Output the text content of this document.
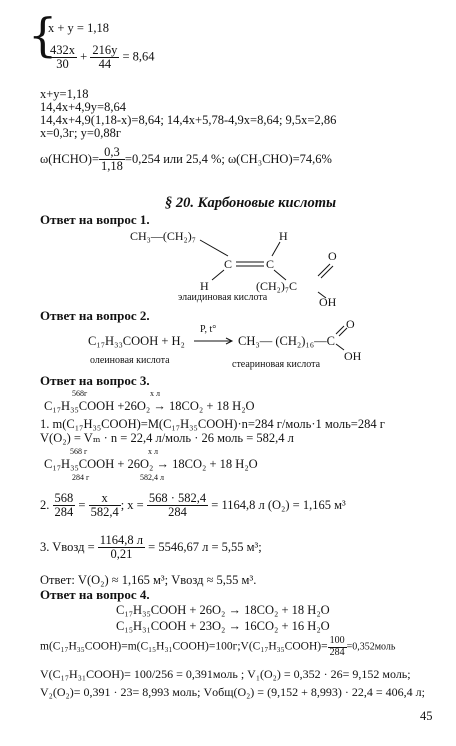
{
x + y = 1,18
$\frac{432x}{30} + \frac{216y}{44} = 8,64$
x+y=1,18
14,4x+4,9y=8,64
14,4x+4,9(1,18-x)=8,64; 14,4x+5,78-4,9x=8,64; 9,5x=2,86
x=0,3г; y=0,88г
ω(HCHO)= $\frac{0,3}{1,18} =0,254$ или 25,4 %; ω(CH₃CHO)=74,6%
§ 20. Карбоновые кислоты
Ответ на вопрос 1.
CH₃—(CH₂)₇
C	C
H
H	(CH₂)₇C
O
OH
элаидиновая кислота
Ответ на вопрос 2.
C₁₇H₃₃COOH + H₂
P, t°
CH₃— (CH₂)₁₆—C
O
OH
олеиновая кислота	стеариновая кислота
Ответ на вопрос 3.
568г	х л
C₁₇H₃₅COOH +26O₂ → 18CO₂ + 18 H₂O
1. m(C₁₇H₃₅COOH)=M(C₁₇H₃₅COOH)·n=284 г/моль·1 моль=284 г
V(O₂) = Vₘ · n = 22,4 л/моль · 26 моль = 582,4 л
568 г	х л
C₁₇H₃₅COOH + 26O₂ → 18CO₂ + 18 H₂O
284 г	582,4 л
2. $\frac{568}{284} = \frac{x}{582,4}$ ; $x = \frac{568 \cdot 582,4}{284} = 1164,8$ л (O₂) = 1,165 м³
3. Vвозд = $\frac{1164,8 л}{0,21} = 5546,67$ л = 5,55 м³;
Ответ: V(O₂) ≈ 1,165 м³; Vвозд ≈ 5,55 м³.
Ответ на вопрос 4.
C₁₇H₃₅COOH + 26O₂ → 18CO₂ + 18 H₂O
C₁₅H₃₁COOH + 23O₂ → 16CO₂ + 16 H₂O
m(C₁₇H₃₅COOH)=m(C₁₅H₃₁COOH)=100г;V(C₁₇H₃₅COOH)= $\frac{100}{284}$ =0,352моль
V(C₁₇H₃₁COOH)= 100/256 = 0,391моль ; V₁(O₂) = 0,352 · 26= 9,152 моль;
V₂(O₂)= 0,391 · 23= 8,993 моль; Vобщ(O₂) = (9,152 + 8,993) · 22,4 = 406,4 л;
45
